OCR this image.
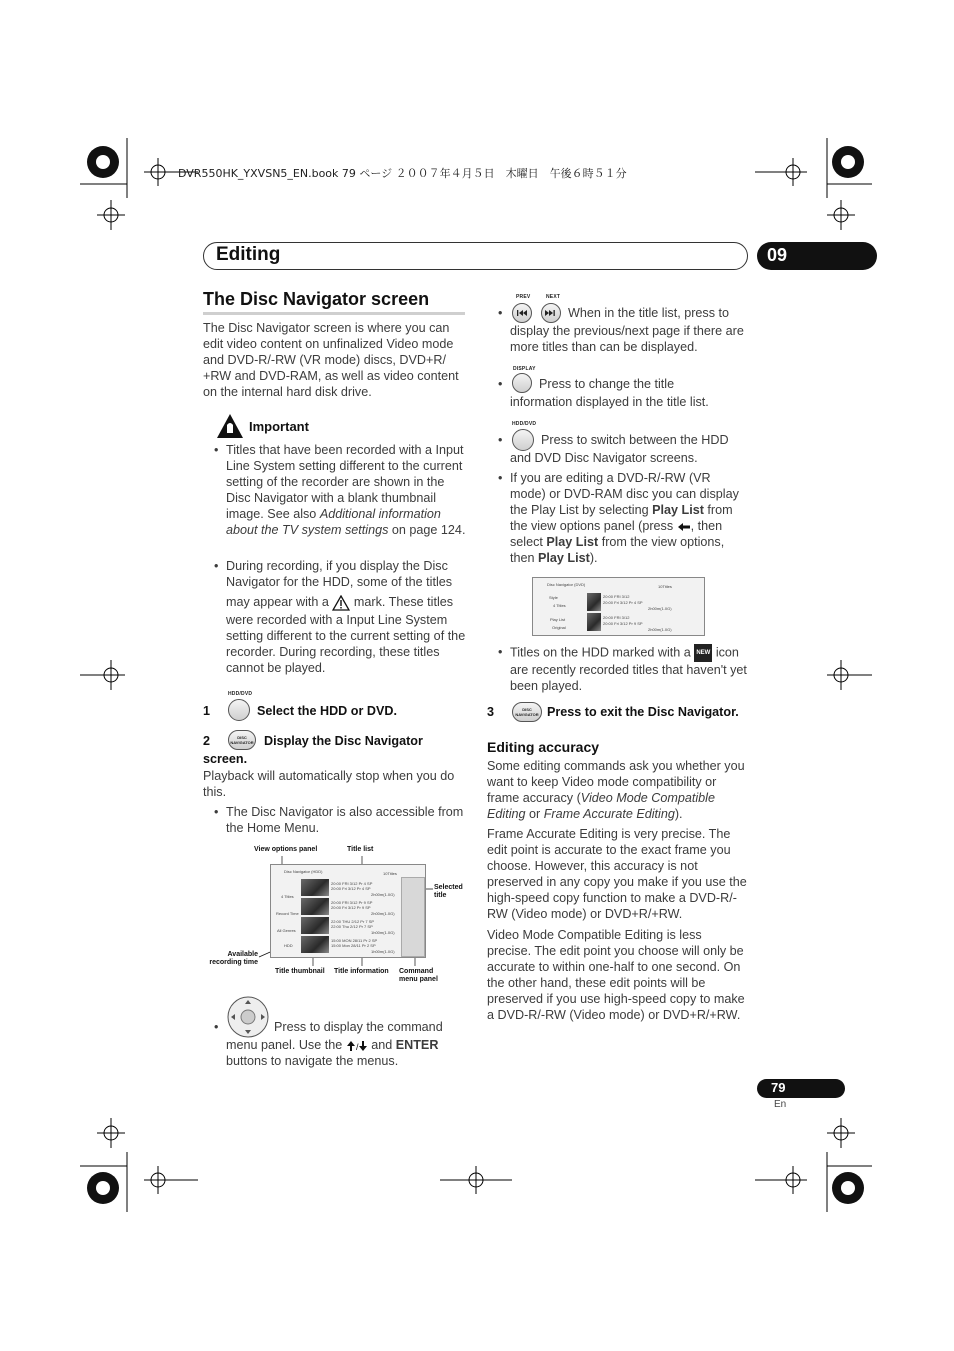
DVR550HK_YXVSN5_EN.book 79 ページ ２００７年４月５日　木曜日　午後６時５１分
Editing	09
The Disc Navigator screen
The Disc Navigator screen is where you can edit video content on unfinalized Video mode and DVD-R/-RW (VR mode) discs, DVD+R/ +RW and DVD-RAM, as well as video content on the internal hard disk drive.
Important
• Titles that have been recorded with a Input Line System setting different to the current setting of the recorder are shown in the Disc Navigator with a blank thumbnail image. See also Additional information about the TV system settings on page 124.
• During recording, if you display the Disc Navigator for the HDD, some of the titles
may appear with a mark. These titles
were recorded with a Input Line System setting different to the current setting of the recorder. During recording, these titles cannot be played.
HDD/DVD
1	Select the HDD or DVD.
2	DISC NAVIGATOR Display the Disc Navigator
screen.
Playback will automatically stop when you do this.
• The Disc Navigator is also accessible from the Home Menu.
View options panel	Title list
Selected title
Available recording time
Title thumbnail Title information Command menu panel
Disc Navigator (HDD)	10Titles
4 Titles
Record Time
All Genres
HDD
20:00 FRI 3/12 Pr 4 SP
20:00 Fri 3/12 Pr 4 SP
2h00m(1.0G)
20:00 FRI 3/12 Pr 9 SP
20:00 Fri 3/12 Pr 9 SP
2h00m(1.0G)
22:00 THU 2/12 Pr 7 SP
22:00 Thu 2/12 Pr 7 SP
1h00m(1.0G)
15:00 MON 28/11 Pr 2 SP
15:00 Mon 28/11 Pr 2 SP
1h00m(1.0G)
•	Press to display the command
menu panel. Use the / and ENTER
buttons to navigate the menus.
PREV	NEXT
•	When in the title list, press to
display the previous/next page if there are more titles than can be displayed.
DISPLAY
•	Press to change the title
information displayed in the title list.
HDD/DVD
•	Press to switch between the HDD
and DVD Disc Navigator screens.
• If you are editing a DVD-R/-RW (VR mode) or DVD-RAM disc you can display the Play List by selecting Play List from the view options panel (press , then select Play List from the view options, then Play List).
Disc Navigator (DVD)	10Titles
Style
4 Titles
Play List
Original
20:00 FRI 3/12
20:00 Fri 3/12 Pr 4 SP
2h00m(1.0G)
20:00 FRI 3/12
20:00 Fri 3/12 Pr 9 SP
2h00m(1.0G)
• Titles on the HDD marked with a NEW icon are recently recorded titles that haven't yet been played.
3	DISC NAVIGATOR Press to exit the Disc Navigator.
Editing accuracy
Some editing commands ask you whether you want to keep Video mode compatibility or frame accuracy (Video Mode Compatible Editing or Frame Accurate Editing).
Frame Accurate Editing is very precise. The edit point is accurate to the exact frame you choose. However, this accuracy is not preserved in any copy you make if you use the high-speed copy function to make a DVD-R/-RW (Video mode) or DVD+R/+RW.
Video Mode Compatible Editing is less precise. The edit point you choose will only be accurate to within one-half to one second. On the other hand, these edit points will be preserved if you use high-speed copy to make a DVD-R/-RW (Video mode) or DVD+R/+RW.
79
En
